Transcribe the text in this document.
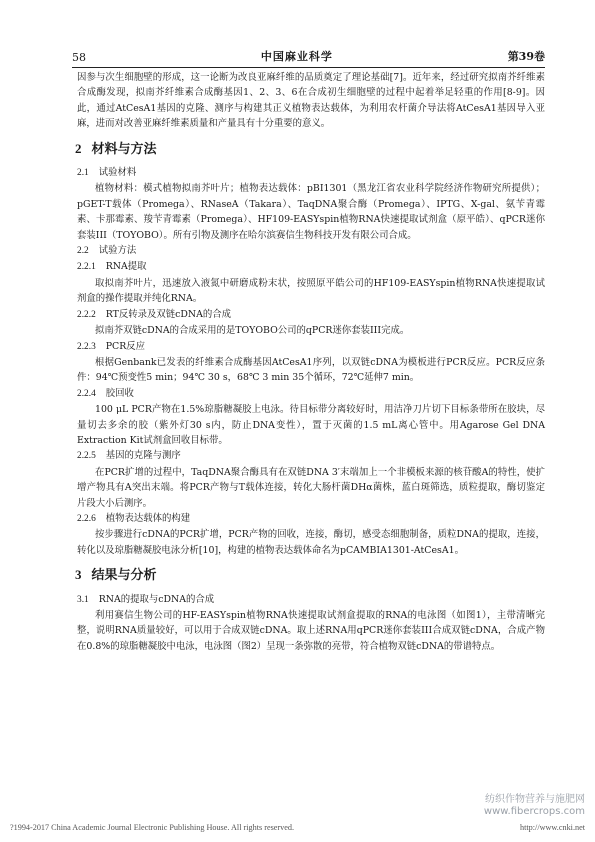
58	中国麻业科学	第39卷

因参与次生细胞壁的形成，这一论断为改良亚麻纤维的品质奠定了理论基础[7]。近年来，经过研究拟南芥纤维素合成酶发现，拟南芥纤维素合成酶基因1、2、3、6在合成初生细胞壁的过程中起着举足轻重的作用[8-9]。因此，通过AtCesA1基因的克隆、测序与构建其正义植物表达载体，为利用农杆菌介导法将AtCesA1基因导入亚麻，进而对改善亚麻纤维素质量和产量具有十分重要的意义。

2 材料与方法
2.1 试验材料

植物材料：模式植物拟南芥叶片；植物表达载体：pBI1301（黑龙江省农业科学院经济作物研究所提供）；pGET-T载体（Promega）、RNaseA（Takara）、TaqDNA聚合酶（Promega）、IPTG、X-gal、氨苄青霉素、卡那霉素、羧苄青霉素（Promega）、HF109-EASYspin植物RNA快速提取试剂盒（原平皓）、qPCR迷你套装III（TOYOBO）。所有引物及测序在哈尔滨赛信生物科技开发有限公司合成。

2.2 试验方法
2.2.1 RNA提取

取拟南芥叶片，迅速放入液氮中研磨成粉末状，按照原平皓公司的HF109-EASYspin植物RNA快速提取试剂盒的操作提取并纯化RNA。

2.2.2 RT反转录及双链cDNA的合成

拟南芥双链cDNA的合成采用的是TOYOBO公司的qPCR迷你套装III完成。

2.2.3 PCR反应

根据Genbank已发表的纤维素合成酶基因AtCesA1序列，以双链cDNA为模板进行PCR反应。PCR反应条件：94℃预变性5 min；94℃ 30 s，68℃ 3 min 35个循环，72℃延伸7 min。

2.2.4 胶回收

100 μL PCR产物在1.5%琼脂糖凝胶上电泳。待目标带分离较好时，用洁净刀片切下目标条带所在胶块，尽量切去多余的胶（紫外灯30 s内，防止DNA变性），置于灭菌的1.5 mL离心管中。用Agarose Gel DNA Extraction Kit试剂盒回收目标带。

2.2.5 基因的克隆与测序

在PCR扩增的过程中，TaqDNA聚合酶具有在双链DNA 3′末端加上一个非模板来源的核苷酸A的特性，使扩增产物具有A突出末端。将PCR产物与T载体连接，转化大肠杆菌DHα菌株，蓝白斑筛选，质粒提取，酶切鉴定片段大小后测序。

2.2.6 植物表达载体的构建

按步骤进行cDNA的PCR扩增，PCR产物的回收，连接，酶切，感受态细胞制备，质粒DNA的提取，连接，转化以及琼脂糖凝胶电泳分析[10]，构建的植物表达载体命名为pCAMBIA1301-AtCesA1。

3 结果与分析
3.1 RNA的提取与cDNA的合成

利用赛信生物公司的HF-EASYspin植物RNA快速提取试剂盒提取的RNA的电泳图（如图1），主带清晰完整，说明RNA质量较好，可以用于合成双链cDNA。取上述RNA用qPCR迷你套装III合成双链cDNA，合成产物在0.8%的琼脂糖凝胶中电泳，电泳图（图2）呈现一条弥散的亮带，符合植物双链cDNA的带谱特点。

纺织作物营养与施肥网
www.fibercrops.com
?1994-2017 China Academic Journal Electronic Publishing House. All rights reserved.	http://www.cnki.net
